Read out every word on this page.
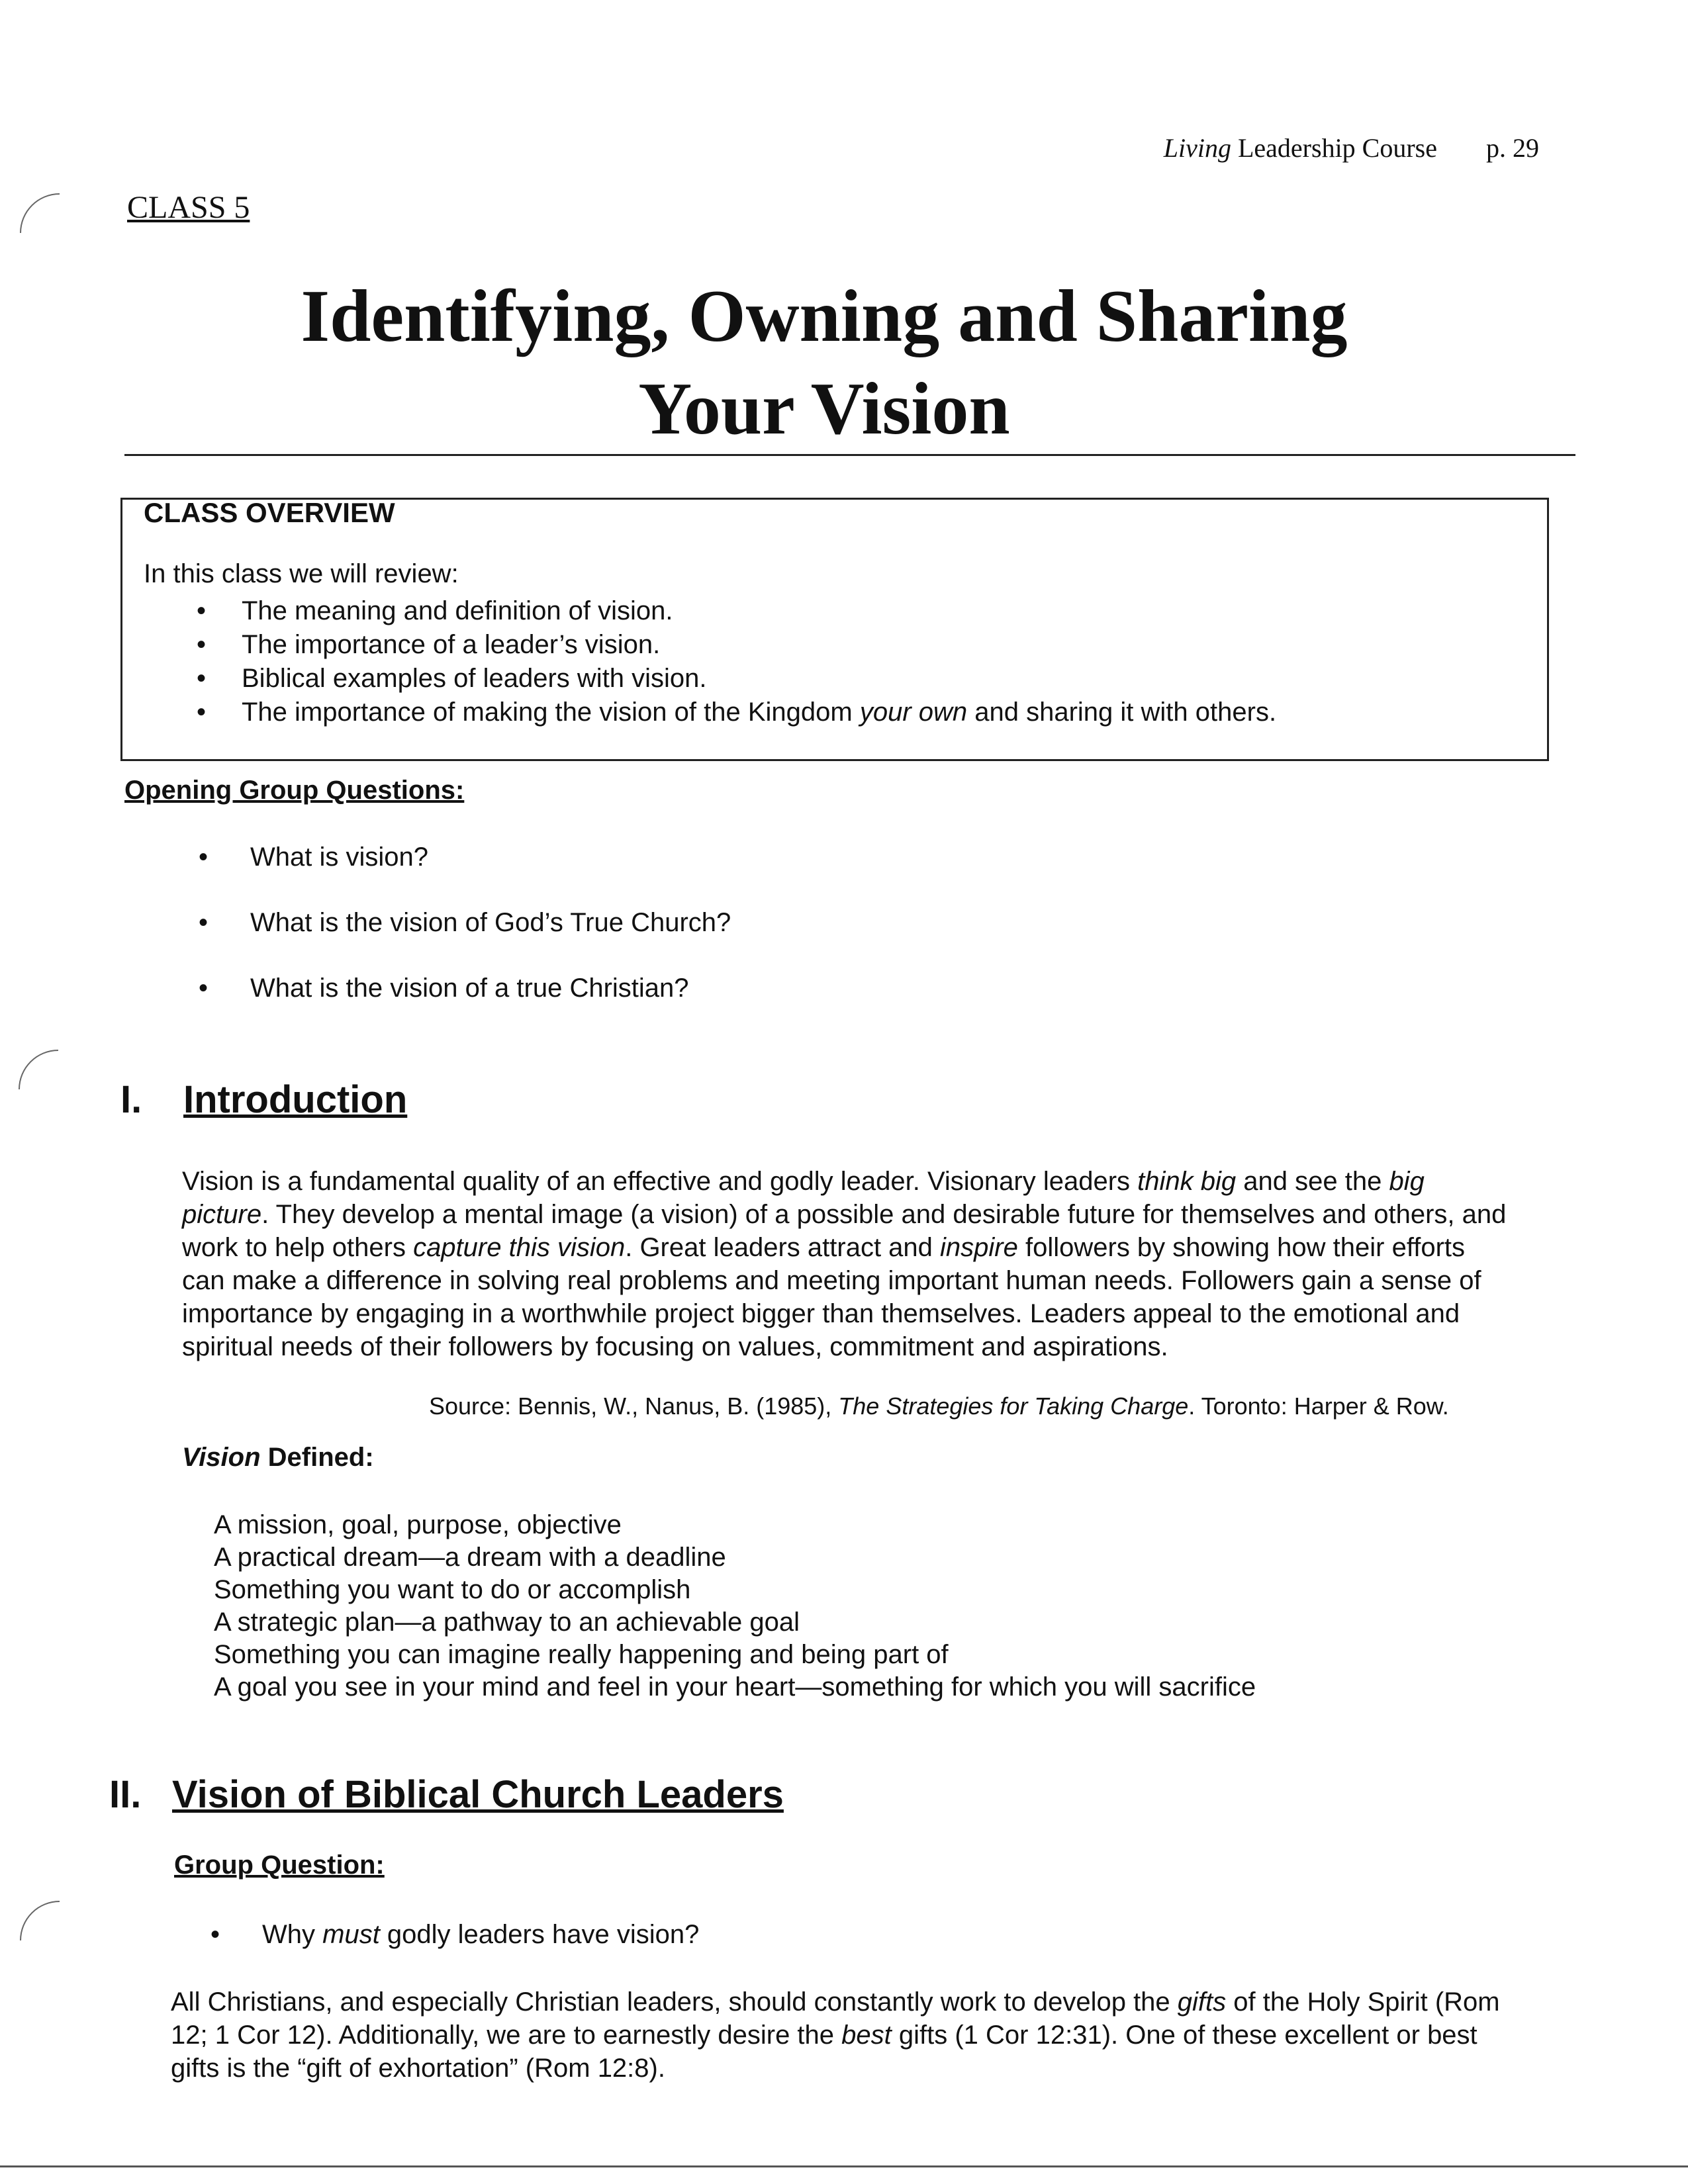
Living Leadership Course p. 29
CLASS 5
Identifying, Owning and Sharing
Your Vision
CLASS OVERVIEW
In this class we will review:
• The meaning and definition of vision.
• The importance of a leader’s vision.
• Biblical examples of leaders with vision.
• The importance of making the vision of the Kingdom your own and sharing it with others.
Opening Group Questions:
• What is vision?
• What is the vision of God’s True Church?
• What is the vision of a true Christian?
I. Introduction
Vision is a fundamental quality of an effective and godly leader. Visionary leaders think big and see the big picture. They develop a mental image (a vision) of a possible and desirable future for themselves and others, and work to help others capture this vision. Great leaders attract and inspire followers by showing how their efforts can make a difference in solving real problems and meeting important human needs. Followers gain a sense of importance by engaging in a worthwhile project bigger than themselves. Leaders appeal to the emotional and spiritual needs of their followers by focusing on values, commitment and aspirations.
Source: Bennis, W., Nanus, B. (1985), The Strategies for Taking Charge. Toronto: Harper & Row.
Vision Defined:
A mission, goal, purpose, objective
A practical dream—a dream with a deadline
Something you want to do or accomplish
A strategic plan—a pathway to an achievable goal
Something you can imagine really happening and being part of
A goal you see in your mind and feel in your heart—something for which you will sacrifice
II. Vision of Biblical Church Leaders
Group Question:
• Why must godly leaders have vision?
All Christians, and especially Christian leaders, should constantly work to develop the gifts of the Holy Spirit (Rom 12; 1 Cor 12). Additionally, we are to earnestly desire the best gifts (1 Cor 12:31). One of these excellent or best gifts is the “gift of exhortation” (Rom 12:8).
